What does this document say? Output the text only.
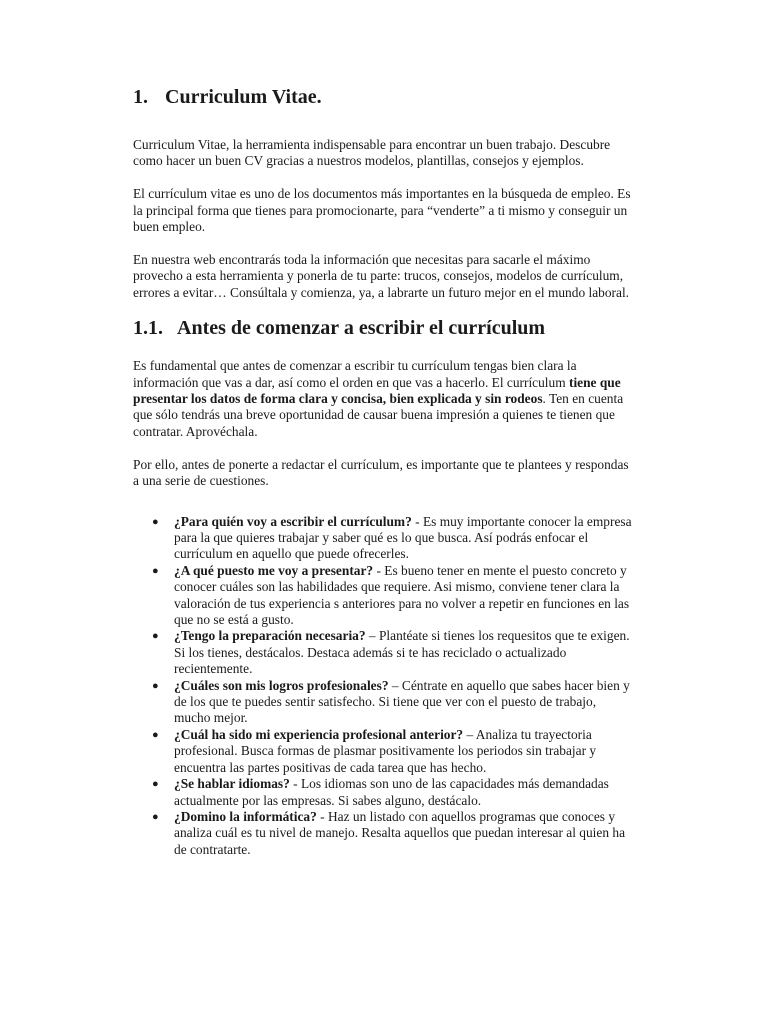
1. Curriculum Vitae.

Curriculum Vitae, la herramienta indispensable para encontrar un buen trabajo. Descubre como hacer un buen CV gracias a nuestros modelos, plantillas, consejos y ejemplos.

El currículum vitae es uno de los documentos más importantes en la búsqueda de empleo. Es la principal forma que tienes para promocionarte, para “venderte” a ti mismo y conseguir un buen empleo.

En nuestra web encontrarás toda la información que necesitas para sacarle el máximo provecho a esta herramienta y ponerla de tu parte: trucos, consejos, modelos de currículum, errores a evitar… Consúltala y comienza, ya, a labrarte un futuro mejor en el mundo laboral.

1.1. Antes de comenzar a escribir el currículum

Es fundamental que antes de comenzar a escribir tu currículum tengas bien clara la información que vas a dar, así como el orden en que vas a hacerlo. El currículum tiene que presentar los datos de forma clara y concisa, bien explicada y sin rodeos. Ten en cuenta que sólo tendrás una breve oportunidad de causar buena impresión a quienes te tienen que contratar. Aprovéchala.

Por ello, antes de ponerte a redactar el currículum, es importante que te plantees y respondas a una serie de cuestiones.

● ¿Para quién voy a escribir el currículum? - Es muy importante conocer la empresa para la que quieres trabajar y saber qué es lo que busca. Así podrás enfocar el currículum en aquello que puede ofrecerles.
● ¿A qué puesto me voy a presentar? - Es bueno tener en mente el puesto concreto y conocer cuáles son las habilidades que requiere. Asi mismo, conviene tener clara la valoración de tus experiencia s anteriores para no volver a repetir en funciones en las que no se está a gusto.
● ¿Tengo la preparación necesaria? – Plantéate si tienes los requesitos que te exigen. Si los tienes, destácalos. Destaca además si te has reciclado o actualizado recientemente.
● ¿Cuáles son mis logros profesionales? – Céntrate en aquello que sabes hacer bien y de los que te puedes sentir satisfecho. Si tiene que ver con el puesto de trabajo, mucho mejor.
● ¿Cuál ha sido mi experiencia profesional anterior? – Analiza tu trayectoria profesional. Busca formas de plasmar positivamente los periodos sin trabajar y encuentra las partes positivas de cada tarea que has hecho.
● ¿Se hablar idiomas? - Los idiomas son uno de las capacidades más demandadas actualmente por las empresas. Si sabes alguno, destácalo.
● ¿Domino la informática? - Haz un listado con aquellos programas que conoces y analiza cuál es tu nivel de manejo. Resalta aquellos que puedan interesar al quien ha de contratarte.
